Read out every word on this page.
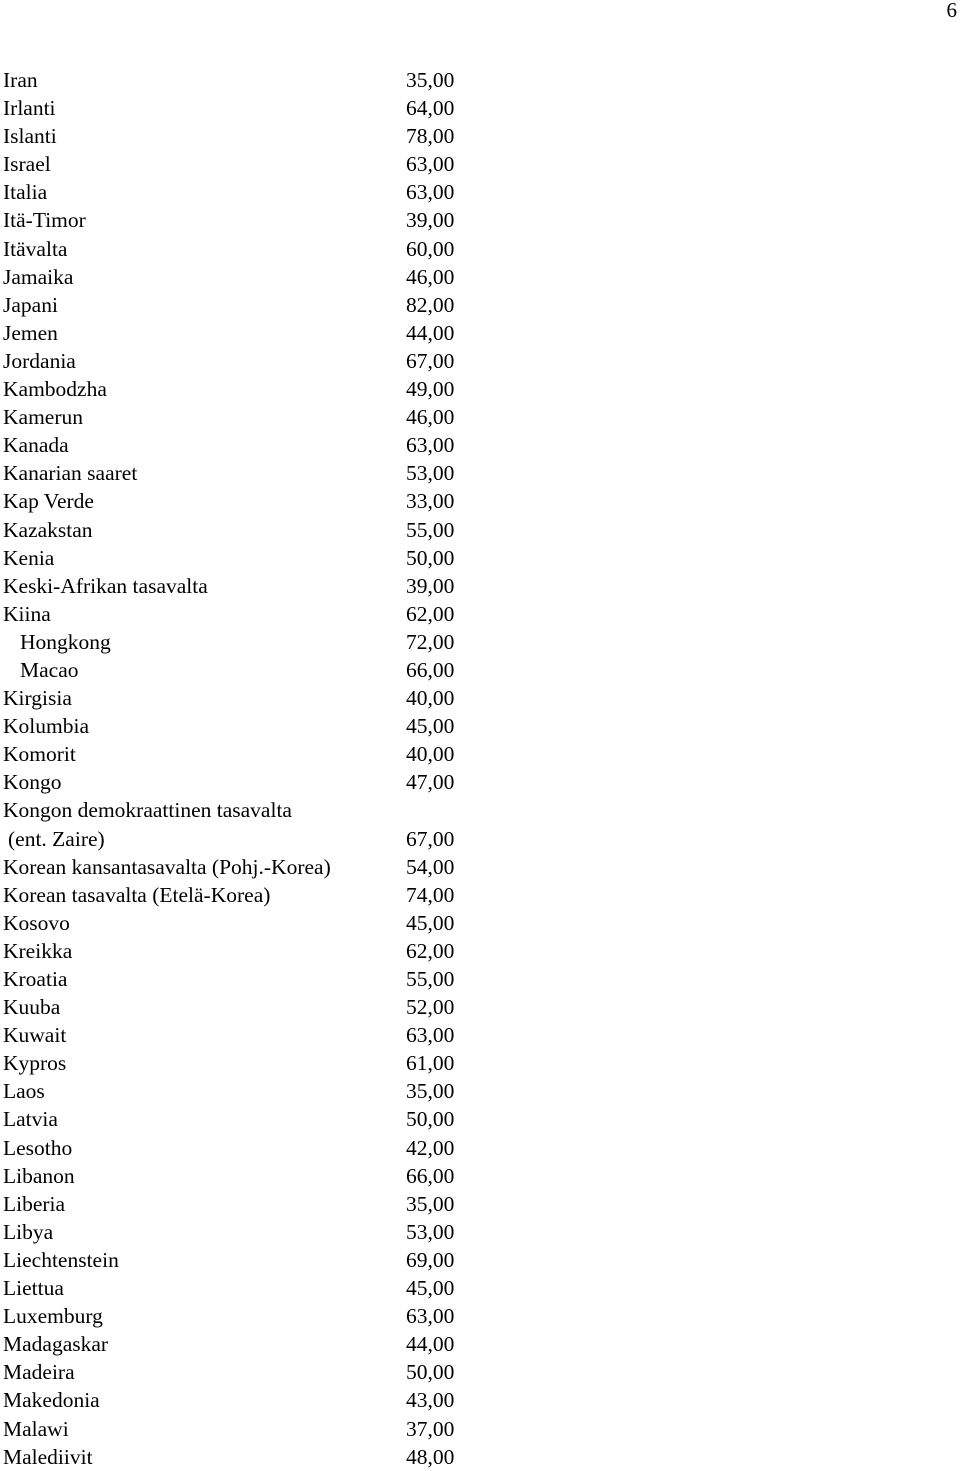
6
Iran	35,00
Irlanti	64,00
Islanti	78,00
Israel	63,00
Italia	63,00
Itä-Timor	39,00
Itävalta	60,00
Jamaika	46,00
Japani	82,00
Jemen	44,00
Jordania	67,00
Kambodzha	49,00
Kamerun	46,00
Kanada	63,00
Kanarian saaret	53,00
Kap Verde	33,00
Kazakstan	55,00
Kenia	50,00
Keski-Afrikan tasavalta	39,00
Kiina	62,00
Hongkong	72,00
Macao	66,00
Kirgisia	40,00
Kolumbia	45,00
Komorit	40,00
Kongo	47,00
Kongon demokraattinen tasavalta
(ent. Zaire)	67,00
Korean kansantasavalta (Pohj.-Korea)	54,00
Korean tasavalta (Etelä-Korea)	74,00
Kosovo	45,00
Kreikka	62,00
Kroatia	55,00
Kuuba	52,00
Kuwait	63,00
Kypros	61,00
Laos	35,00
Latvia	50,00
Lesotho	42,00
Libanon	66,00
Liberia	35,00
Libya	53,00
Liechtenstein	69,00
Liettua	45,00
Luxemburg	63,00
Madagaskar	44,00
Madeira	50,00
Makedonia	43,00
Malawi	37,00
Malediivit	48,00
